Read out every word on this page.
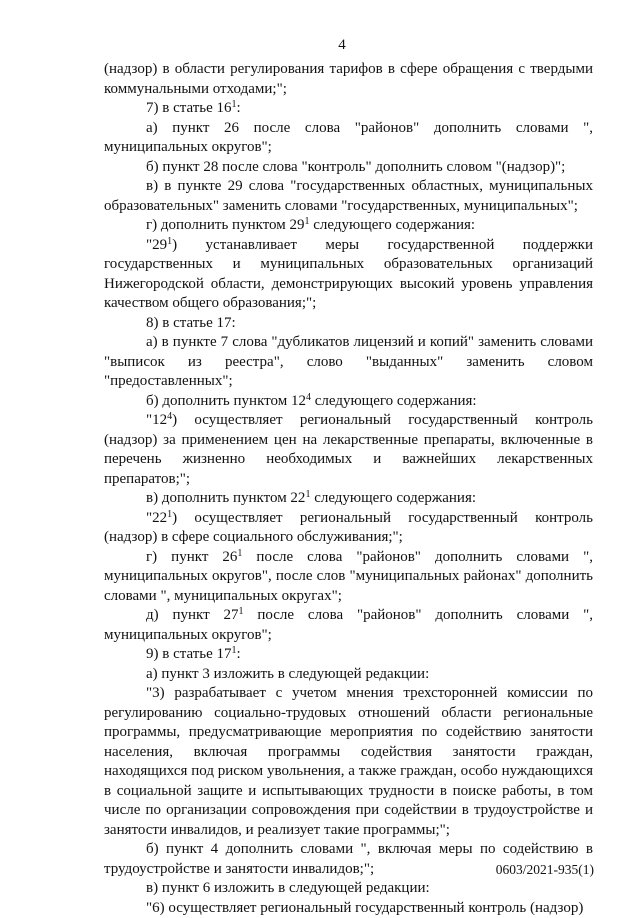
4

(надзор) в области регулирования тарифов в сфере обращения с твердыми коммунальными отходами;";

7) в статье $16^1$:

а) пункт 26 после слова "районов" дополнить словами ", муниципальных округов";

б) пункт 28 после слова "контроль" дополнить словом "(надзор)";

в) в пункте 29 слова "государственных областных, муниципальных образовательных" заменить словами "государственных, муниципальных";

г) дополнить пунктом $29^1$ следующего содержания:

"$29^1$) устанавливает меры государственной поддержки государственных и муниципальных образовательных организаций Нижегородской области, демонстрирующих высокий уровень управления качеством общего образования;";

8) в статье 17:

а) в пункте 7 слова "дубликатов лицензий и копий" заменить словами "выписок из реестра", слово "выданных" заменить словом "предоставленных";

б) дополнить пунктом $12^4$ следующего содержания:

"$12^4$) осуществляет региональный государственный контроль (надзор) за применением цен на лекарственные препараты, включенные в перечень жизненно необходимых и важнейших лекарственных препаратов;";

в) дополнить пунктом $22^1$ следующего содержания:

"$22^1$) осуществляет региональный государственный контроль (надзор) в сфере социального обслуживания;";

г) пункт $26^1$ после слова "районов" дополнить словами ", муниципальных округов", после слов "муниципальных районах" дополнить словами ", муниципальных округах";

д) пункт $27^1$ после слова "районов" дополнить словами ", муниципальных округов";

9) в статье $17^1$:

а) пункт 3 изложить в следующей редакции:

"3) разрабатывает с учетом мнения трехсторонней комиссии по регулированию социально-трудовых отношений области региональные программы, предусматривающие мероприятия по содействию занятости населения, включая программы содействия занятости граждан, находящихся под риском увольнения, а также граждан, особо нуждающихся в социальной защите и испытывающих трудности в поиске работы, в том числе по организации сопровождения при содействии в трудоустройстве и занятости инвалидов, и реализует такие программы;";

б) пункт 4 дополнить словами ", включая меры по содействию в трудоустройстве и занятости инвалидов;";

в) пункт 6 изложить в следующей редакции:

"6) осуществляет региональный государственный контроль (надзор)

0603/2021-935(1)
